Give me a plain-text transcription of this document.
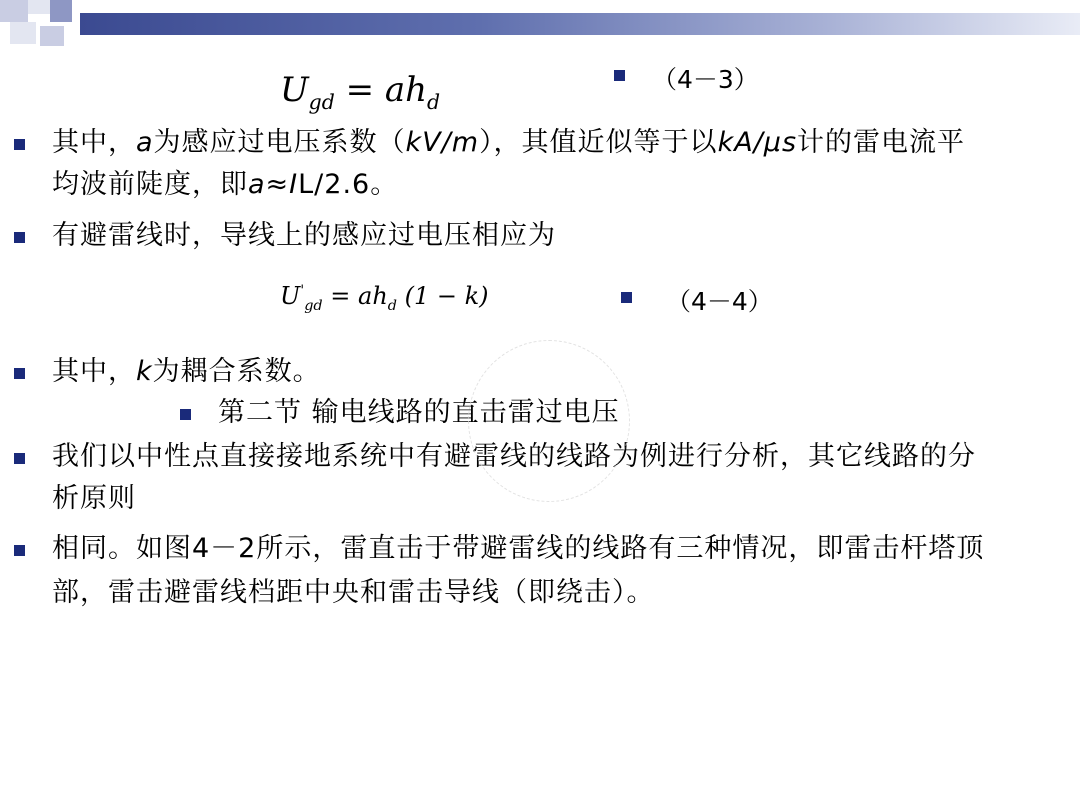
$U_{gd} = ah_d$
（4－3）
其中，a为感应过电压系数（kV/m），其值近似等于以kA/μs计的雷电流平
均波前陡度，即a≈IL/2.6。
有避雷线时，导线上的感应过电压相应为
$U'_{gd} = ah_d$ (1 − k)	（4－4）
其中，k为耦合系数。
第二节 输电线路的直击雷过电压
我们以中性点直接接地系统中有避雷线的线路为例进行分析，其它线路的分
析原则
相同。如图4－2所示，雷直击于带避雷线的线路有三种情况，即雷击杆塔顶
部，雷击避雷线档距中央和雷击导线（即绕击）。
